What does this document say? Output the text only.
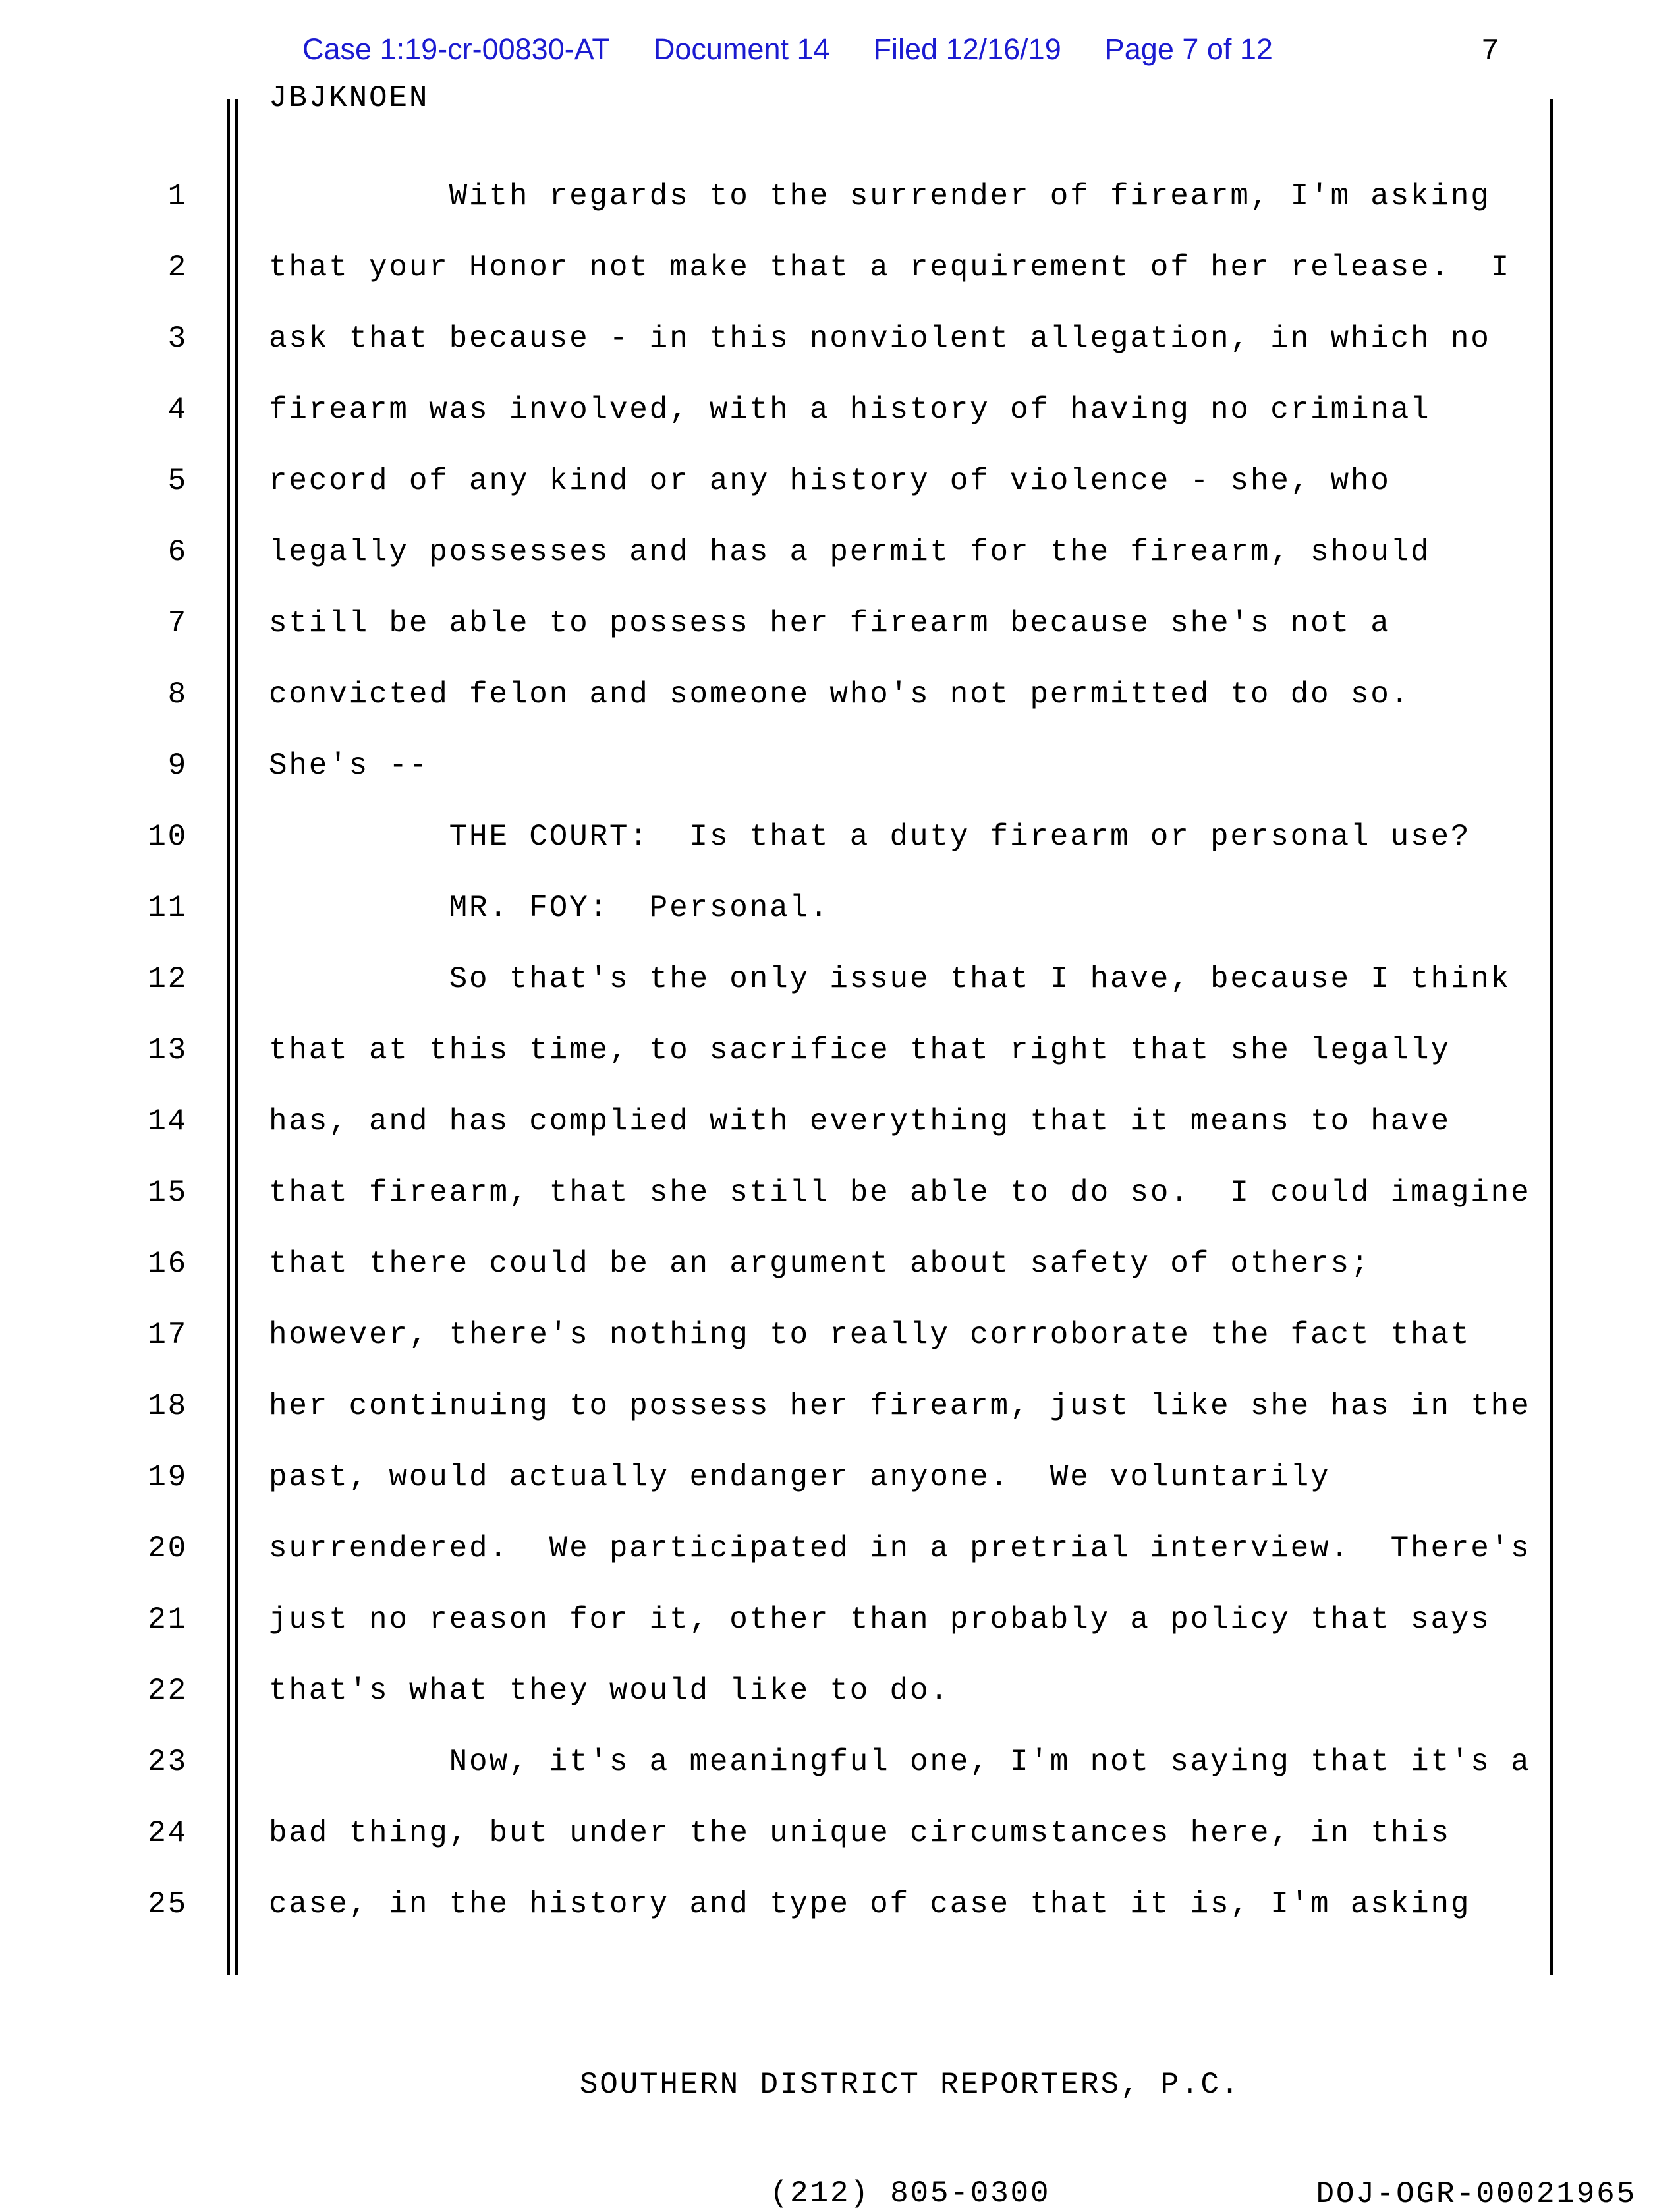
Case 1:19-cr-00830-AT Document 14 Filed 12/16/19 Page 7 of 12	7
JBJKNOEN

1

	With regards to the surrender of firearm, I'm asking

2

	that your Honor not make that a requirement of her release.  I

3

	ask that because - in this nonviolent allegation, in which no

4

	firearm was involved, with a history of having no criminal

5

	record of any kind or any history of violence - she, who

6

	legally possesses and has a permit for the firearm, should

7

	still be able to possess her firearm because she's not a

8

	convicted felon and someone who's not permitted to do so.

9

	She's --

10

	THE COURT:  Is that a duty firearm or personal use?

11

	MR. FOY:  Personal.

12

	So that's the only issue that I have, because I think

13

	that at this time, to sacrifice that right that she legally

14

	has, and has complied with everything that it means to have

15

	that firearm, that she still be able to do so.  I could imagine

16

	that there could be an argument about safety of others;

17

	however, there's nothing to really corroborate the fact that

18

	her continuing to possess her firearm, just like she has in the

19

	past, would actually endanger anyone.  We voluntarily

20

	surrendered.  We participated in a pretrial interview.  There's

21

	just no reason for it, other than probably a policy that says

22

	that's what they would like to do.

23

	Now, it's a meaningful one, I'm not saying that it's a

24

	bad thing, but under the unique circumstances here, in this

25

	case, in the history and type of case that it is, I'm asking

SOUTHERN DISTRICT REPORTERS, P.C.

(212) 805-0300

	DOJ-OGR-00021965
